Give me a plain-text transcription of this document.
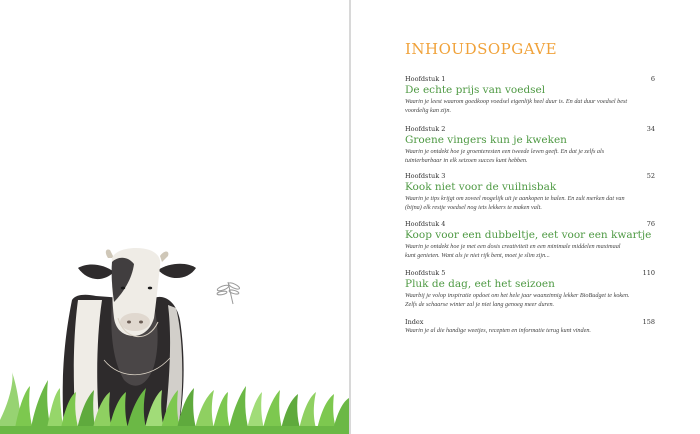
INHOUDSOPGAVE
Hoofdstuk 1	6
De echte prijs van voedsel
Waarin je leest waarom goedkoop voedsel eigenlijk heel duur is. En dat duur voedsel best voordelig kan zijn.
Hoofdstuk 2	34
Groene vingers kun je kweken
Waarin je ontdekt hoe je groenteresten een tweede leven geeft. En dat je zelfs als tuinierbarbaar in elk seizoen succes kunt hebben.
Hoofdstuk 3	52
Kook niet voor de vuilnisbak
Waarin je tips krijgt om zoveel mogelijk uit je aankopen te halen. En zult merken dat van (bijna) elk restje voedsel nog iets lekkers te maken valt.
Hoofdstuk 4	76
Koop voor een dubbeltje, eet voor een kwartje
Waarin je ontdekt hoe je met een dosis creativiteit en een minimale middelen maximaal kunt genieten. Want als je niet rijk bent, moet je slim zijn...
Hoofdstuk 5	110
Pluk de dag, eet het seizoen
Waarbij je volop inspiratie opdoet om het hele jaar waanzinnig lekker BioBudget te koken. Zelfs de schaarse winter zal je niet lang genoeg meer duren.
Index	158
Waarin je al die handige weetjes, recepten en informatie terug kunt vinden.
